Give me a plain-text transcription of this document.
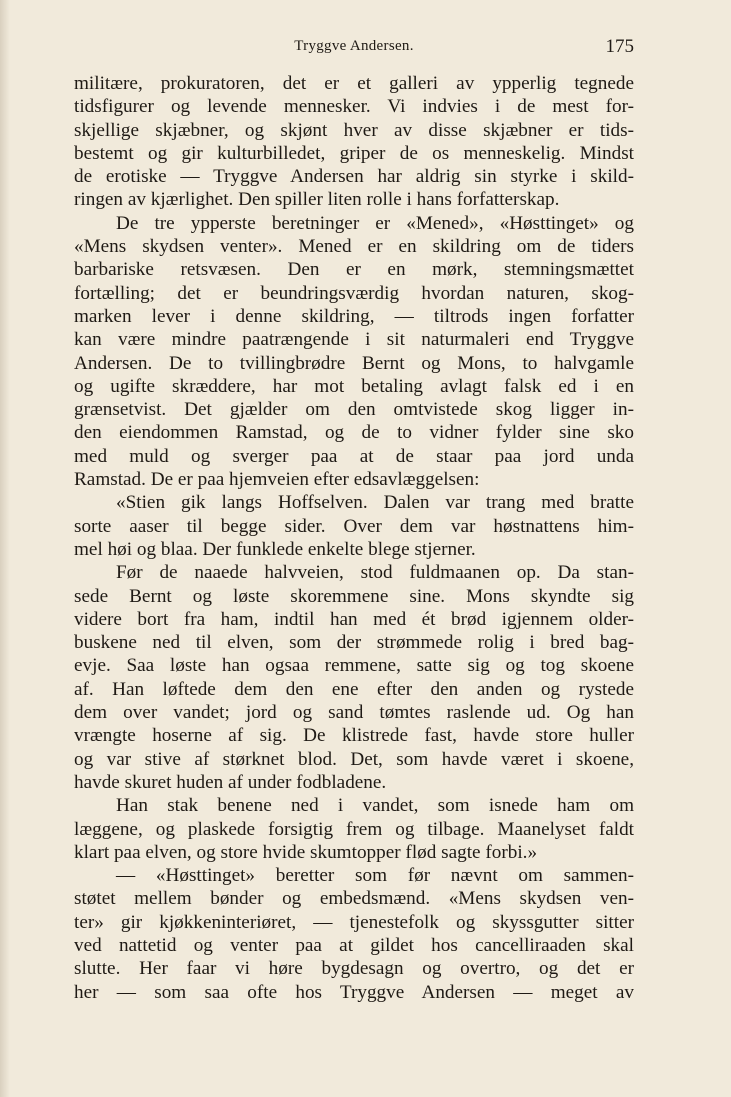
Tryggve Andersen.	175
militære, prokuratoren, det er et galleri av ypperlig tegnede
tidsfigurer og levende mennesker. Vi indvies i de mest for-
skjellige skjæbner, og skjønt hver av disse skjæbner er tids-
bestemt og gir kulturbilledet, griper de os menneskelig. Mindst
de erotiske — Tryggve Andersen har aldrig sin styrke i skild-
ringen av kjærlighet. Den spiller liten rolle i hans forfatterskap.
De tre ypperste beretninger er «Mened», «Høsttinget» og
«Mens skydsen venter». Mened er en skildring om de tiders
barbariske retsvæsen. Den er en mørk, stemningsmættet
fortælling; det er beundringsværdig hvordan naturen, skog-
marken lever i denne skildring, — tiltrods ingen forfatter
kan være mindre paatrængende i sit naturmaleri end Tryggve
Andersen. De to tvillingbrødre Bernt og Mons, to halvgamle
og ugifte skræddere, har mot betaling avlagt falsk ed i en
grænsetvist. Det gjælder om den omtvistede skog ligger in-
den eiendommen Ramstad, og de to vidner fylder sine sko
med muld og sverger paa at de staar paa jord unda
Ramstad. De er paa hjemveien efter edsavlæggelsen:
«Stien gik langs Hoffselven. Dalen var trang med bratte
sorte aaser til begge sider. Over dem var høstnattens him-
mel høi og blaa. Der funklede enkelte blege stjerner.
Før de naaede halvveien, stod fuldmaanen op. Da stan-
sede Bernt og løste skoremmene sine. Mons skyndte sig
videre bort fra ham, indtil han med ét brød igjennem older-
buskene ned til elven, som der strømmede rolig i bred bag-
evje. Saa løste han ogsaa remmene, satte sig og tog skoene
af. Han løftede dem den ene efter den anden og rystede
dem over vandet; jord og sand tømtes raslende ud. Og han
vrængte hoserne af sig. De klistrede fast, havde store huller
og var stive af størknet blod. Det, som havde været i skoene,
havde skuret huden af under fodbladene.
Han stak benene ned i vandet, som isnede ham om
læggene, og plaskede forsigtig frem og tilbage. Maanelyset faldt
klart paa elven, og store hvide skumtopper flød sagte forbi.»
— «Høsttinget» beretter som før nævnt om sammen-
støtet mellem bønder og embedsmænd. «Mens skydsen ven-
ter» gir kjøkkeninteriøret, — tjenestefolk og skyssgutter sitter
ved nattetid og venter paa at gildet hos cancelliraaden skal
slutte. Her faar vi høre bygdesagn og overtro, og det er
her — som saa ofte hos Tryggve Andersen — meget av
